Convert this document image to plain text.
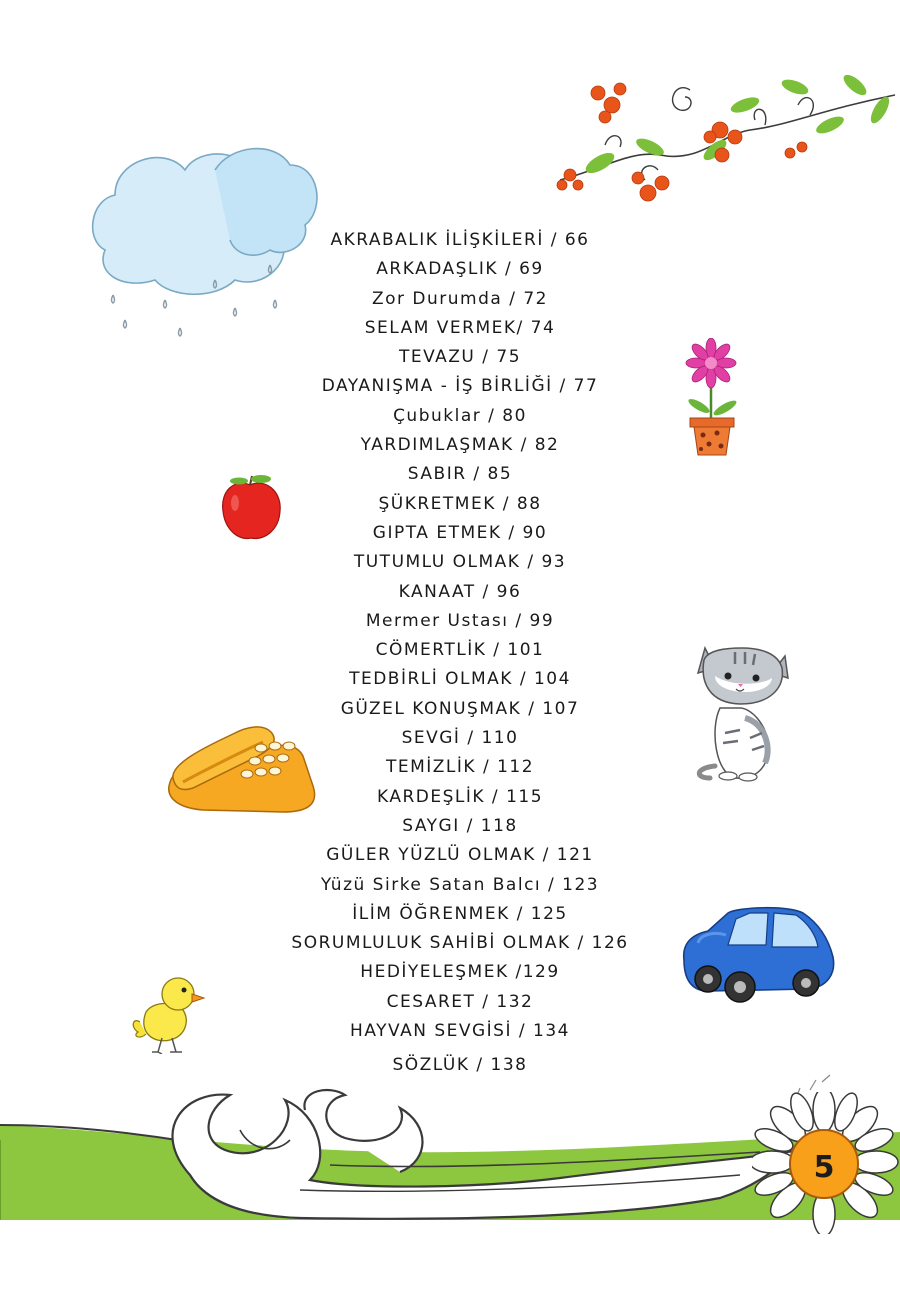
5
AKRABALIK İLİŞKİLERİ / 66
ARKADAŞLIK / 69
Zor Durumda / 72
SELAM VERMEK/ 74
TEVAZU / 75
DAYANIŞMA - İŞ BİRLİĞİ / 77
Çubuklar / 80
YARDIMLAŞMAK / 82
SABIR / 85
ŞÜKRETMEK / 88
GIPTA ETMEK / 90
TUTUMLU OLMAK / 93
KANAAT / 96
Mermer Ustası / 99
CÖMERTLİK / 101
TEDBİRLİ OLMAK / 104
GÜZEL KONUŞMAK / 107
SEVGİ / 110
TEMİZLİK / 112
KARDEŞLİK / 115
SAYGI / 118
GÜLER YÜZLÜ OLMAK / 121
Yüzü Sirke Satan Balcı / 123
İLİM ÖĞRENMEK / 125
SORUMLULUK SAHİBİ OLMAK / 126
HEDİYELEŞMEK /129
CESARET / 132
HAYVAN SEVGİSİ / 134
SÖZLÜK / 138
